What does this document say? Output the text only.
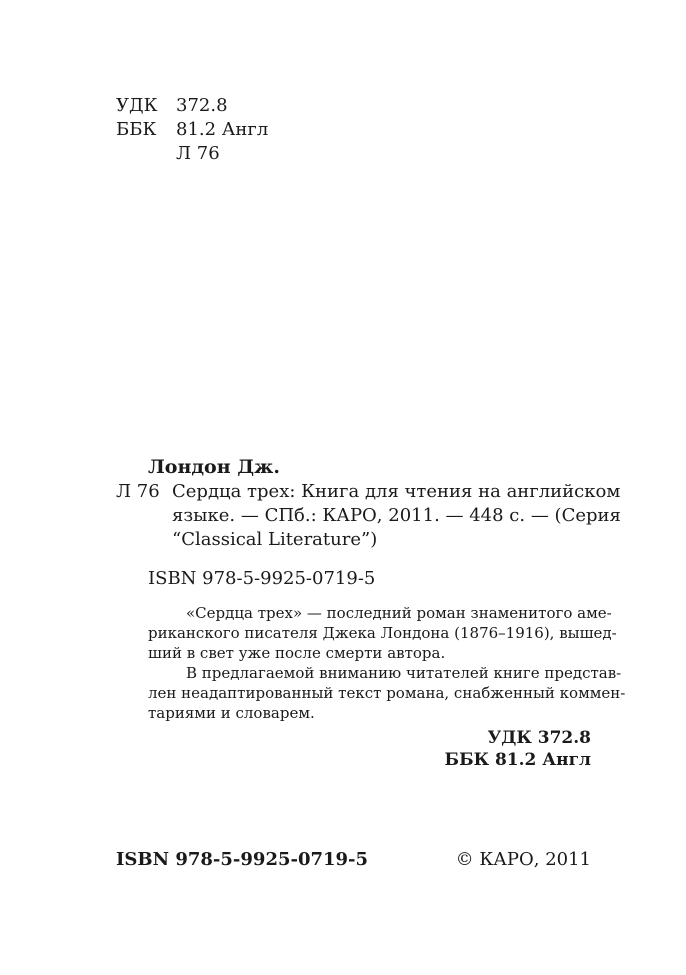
УДК 372.8
ББК 81.2 Англ
Л 76
Лондон Дж.
Л 76 Сердца трех: Книга для чтения на английском
языке. — СПб.: КАРО, 2011. — 448 с. — (Серия
“Classical Literature”)
ISBN 978-5-9925-0719-5
«Сердца трех» — последний роман знаменитого аме-
риканского писателя Джека Лондона (1876–1916), вышед-
ший в свет уже после смерти автора.
В предлагаемой вниманию читателей книге представ-
лен неадаптированный текст романа, снабженный коммен-
тариями и словарем.
УДК 372.8
ББК 81.2 Англ
ISBN 978-5-9925-0719-5	© КАРО, 2011
